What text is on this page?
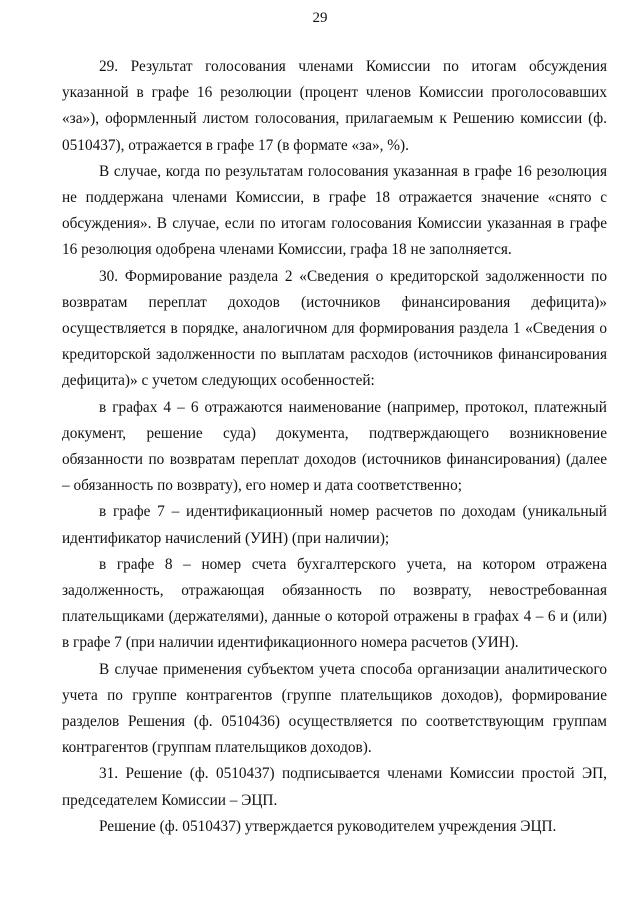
29

29. Результат голосования членами Комиссии по итогам обсуждения указанной в графе 16 резолюции (процент членов Комиссии проголосовавших «за»), оформленный листом голосования, прилагаемым к Решению комиссии (ф. 0510437), отражается в графе 17 (в формате «за», %).

В случае, когда по результатам голосования указанная в графе 16 резолюция не поддержана членами Комиссии, в графе 18 отражается значение «снято с обсуждения». В случае, если по итогам голосования Комиссии указанная в графе 16 резолюция одобрена членами Комиссии, графа 18 не заполняется.

30. Формирование раздела 2 «Сведения о кредиторской задолженности по возвратам переплат доходов (источников финансирования дефицита)» осуществляется в порядке, аналогичном для формирования раздела 1 «Сведения о кредиторской задолженности по выплатам расходов (источников финансирования дефицита)» с учетом следующих особенностей:

в графах 4 – 6 отражаются наименование (например, протокол, платежный документ, решение суда) документа, подтверждающего возникновение обязанности по возвратам переплат доходов (источников финансирования) (далее – обязанность по возврату), его номер и дата соответственно;

в графе 7 – идентификационный номер расчетов по доходам (уникальный идентификатор начислений (УИН) (при наличии);

в графе 8 – номер счета бухгалтерского учета, на котором отражена задолженность, отражающая обязанность по возврату, невостребованная плательщиками (держателями), данные о которой отражены в графах 4 – 6 и (или) в графе 7 (при наличии идентификационного номера расчетов (УИН).

В случае применения субъектом учета способа организации аналитического учета по группе контрагентов (группе плательщиков доходов), формирование разделов Решения (ф. 0510436) осуществляется по соответствующим группам контрагентов (группам плательщиков доходов).

31. Решение (ф. 0510437) подписывается членами Комиссии простой ЭП, председателем Комиссии – ЭЦП.

Решение (ф. 0510437) утверждается руководителем учреждения ЭЦП.
